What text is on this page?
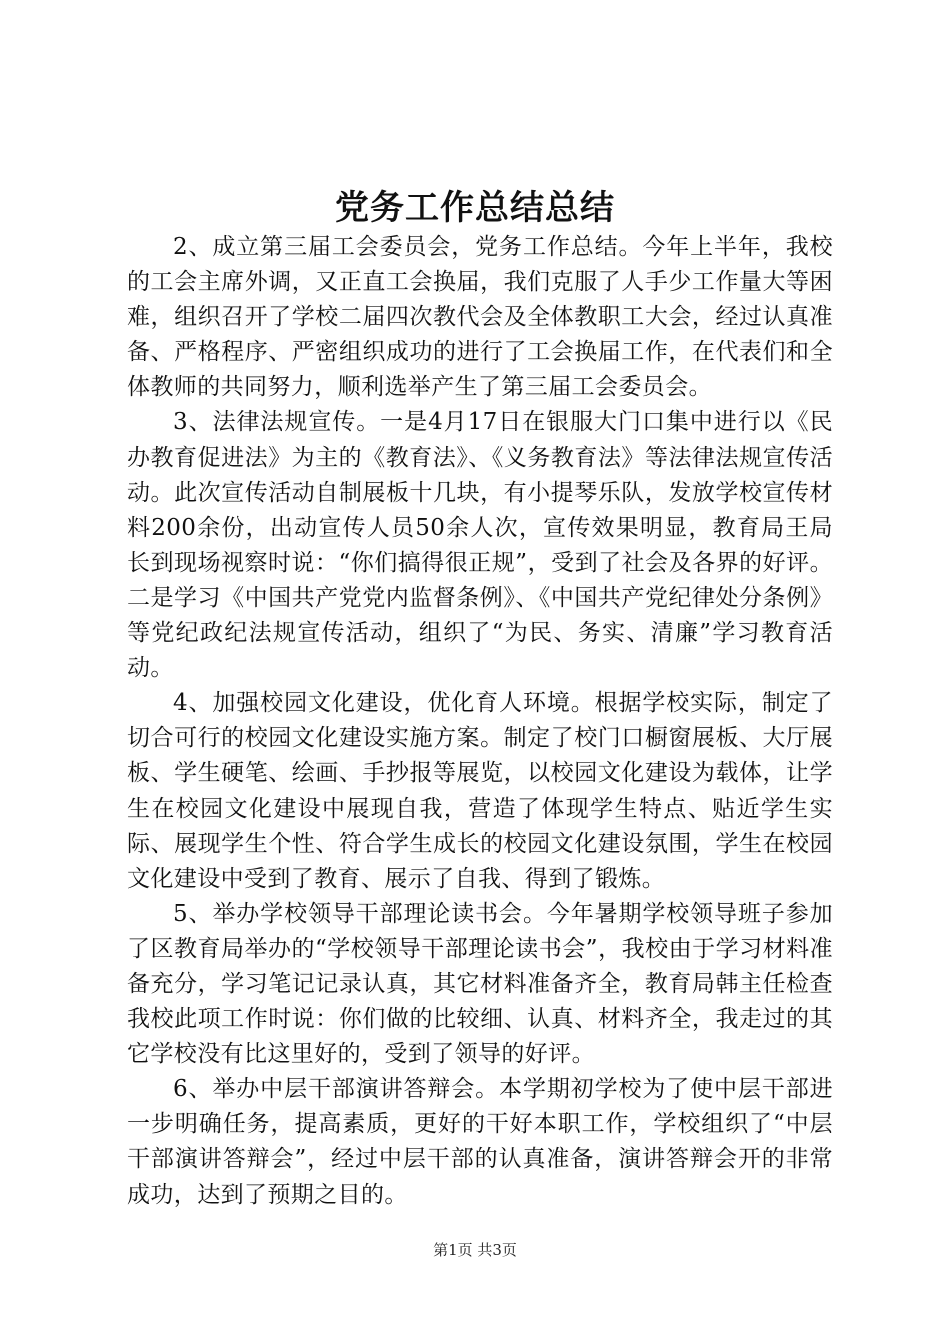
党务工作总结总结

2、成立第三届工会委员会，党务工作总结。今年上半年，我校的工会主席外调，又正直工会换届，我们克服了人手少工作量大等困难，组织召开了学校二届四次教代会及全体教职工大会，经过认真准备、严格程序、严密组织成功的进行了工会换届工作，在代表们和全体教师的共同努力，顺利选举产生了第三届工会委员会。

3、法律法规宣传。一是4月17日在银服大门口集中进行以《民办教育促进法》为主的《教育法》、《义务教育法》等法律法规宣传活动。此次宣传活动自制展板十几块，有小提琴乐队，发放学校宣传材料200余份，出动宣传人员50余人次，宣传效果明显，教育局王局长到现场视察时说：“你们搞得很正规”，受到了社会及各界的好评。二是学习《中国共产党党内监督条例》、《中国共产党纪律处分条例》等党纪政纪法规宣传活动，组织了“为民、务实、清廉”学习教育活动。

4、加强校园文化建设，优化育人环境。根据学校实际，制定了切合可行的校园文化建设实施方案。制定了校门口橱窗展板、大厅展板、学生硬笔、绘画、手抄报等展览，以校园文化建设为载体，让学生在校园文化建设中展现自我，营造了体现学生特点、贴近学生实际、展现学生个性、符合学生成长的校园文化建设氛围，学生在校园文化建设中受到了教育、展示了自我、得到了锻炼。

5、举办学校领导干部理论读书会。今年暑期学校领导班子参加了区教育局举办的“学校领导干部理论读书会”，我校由于学习材料准备充分，学习笔记记录认真，其它材料准备齐全，教育局韩主任检查我校此项工作时说：你们做的比较细、认真、材料齐全，我走过的其它学校没有比这里好的，受到了领导的好评。

6、举办中层干部演讲答辩会。本学期初学校为了使中层干部进一步明确任务，提高素质，更好的干好本职工作，学校组织了“中层干部演讲答辩会”，经过中层干部的认真准备，演讲答辩会开的非常成功，达到了预期之目的。

第1页 共3页
